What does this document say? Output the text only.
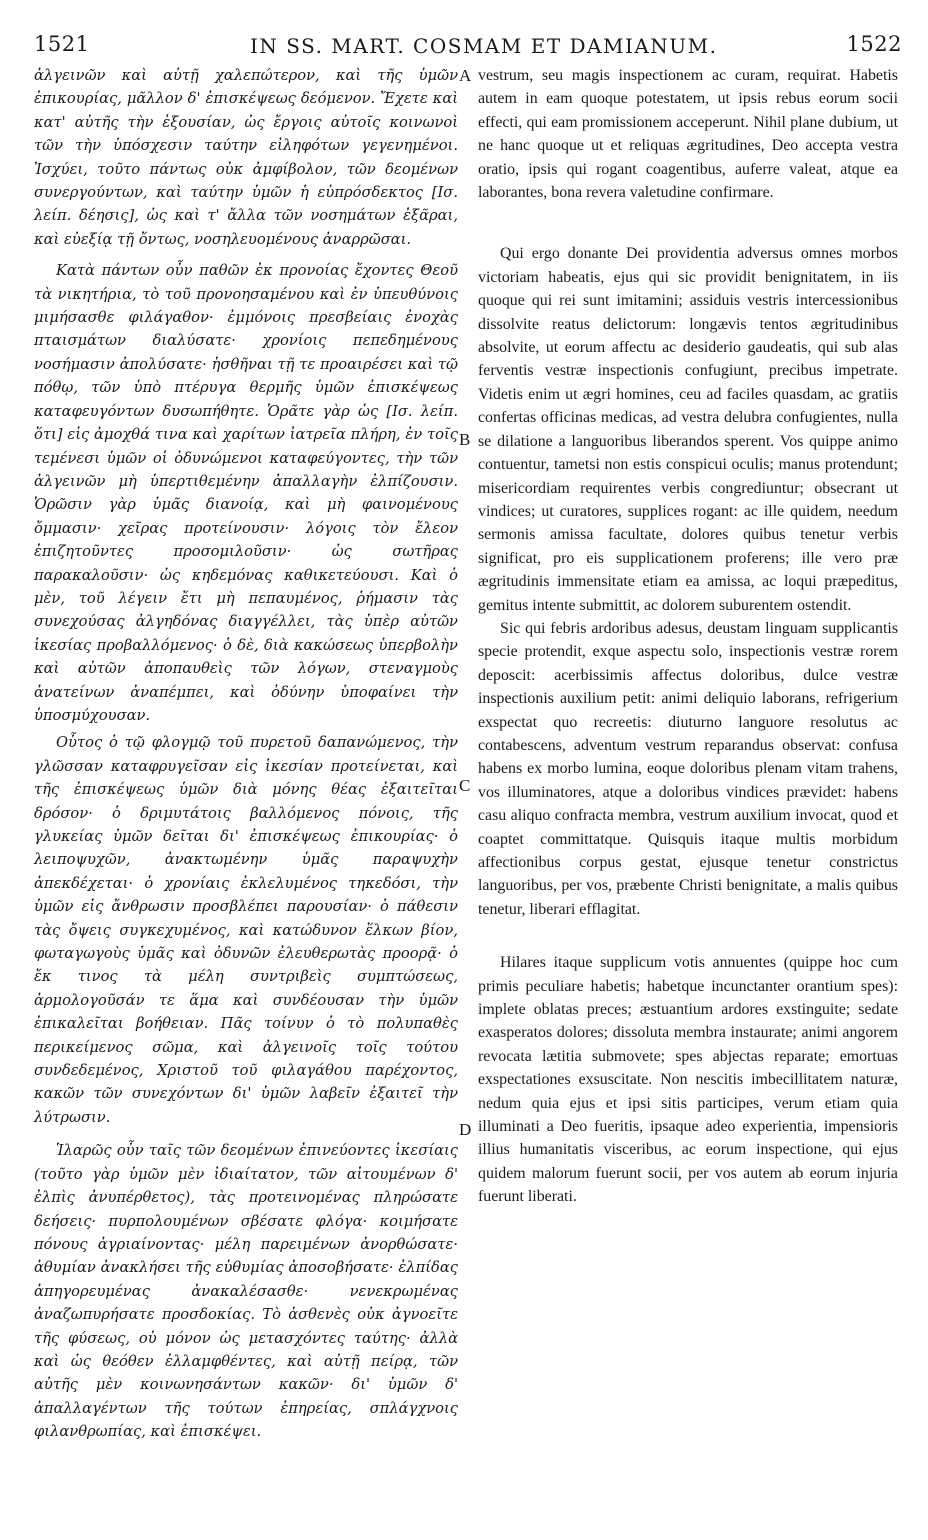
1521	IN SS. MART. COSMAM ET DAMIANUM.	1522

ἀλγεινῶν καὶ αὐτῇ χαλεπώτερον, καὶ τῆς ὑμῶν ἐπικουρίας, μᾶλλον δ' ἐπισκέψεως δεόμενον. Ἔχετε καὶ κατ' αὐτῆς τὴν ἐξουσίαν, ὡς ἔργοις αὐτοῖς κοινωνοὶ τῶν τὴν ὑπόσχεσιν ταύτην εἰληφότων γεγενημένοι. Ἰσχύει, τοῦτο πάντως οὐκ ἀμφίβολον, τῶν δεομένων συνεργούντων, καὶ ταύτην ὑμῶν ἡ εὐπρόσδεκτος [Ισ. λείπ. δέησις], ὡς καὶ τ' ἄλλα τῶν νοσημάτων ἐξᾶραι, καὶ εὐεξίᾳ τῇ ὄντως, νοσηλευομένους ἀναρρῶσαι.

Κατὰ πάντων οὖν παθῶν ἐκ προνοίας ἔχοντες Θεοῦ τὰ νικητήρια, τὸ τοῦ προνοησαμένου καὶ ἐν ὑπευθύνοις μιμήσασθε φιλάγαθον· ἐμμόνοις πρεσβείαις ἐνοχὰς πταισμάτων διαλύσατε· χρονίοις πεπεδημένους νοσήμασιν ἀπολύσατε· ἡσθῆναι τῇ τε προαιρέσει καὶ τῷ πόθῳ, τῶν ὑπὸ πτέρυγα θερμῆς ὑμῶν ἐπισκέψεως καταφευγόντων δυσωπήθητε. Ὁρᾶτε γὰρ ὡς [Ισ. λείπ. ὅτι] εἰς ἀμοχθά τινα καὶ χαρίτων ἰατρεῖα πλήρη, ἐν τοῖς τεμένεσι ὑμῶν οἱ ὀδυνώμενοι καταφεύγοντες, τὴν τῶν ἀλγεινῶν μὴ ὑπερτιθεμένην ἀπαλλαγὴν ἐλπίζουσιν. Ὁρῶσιν γὰρ ὑμᾶς διανοίᾳ, καὶ μὴ φαινομένους ὄμμασιν· χεῖρας προτείνουσιν· λόγοις τὸν ἔλεον ἐπιζητοῦντες προσομιλοῦσιν· ὡς σωτῆρας παρακαλοῦσιν· ὡς κηδεμόνας καθικετεύουσι. Καὶ ὁ μὲν, τοῦ λέγειν ἔτι μὴ πεπαυμένος, ῥήμασιν τὰς συνεχούσας ἀλγηδόνας διαγγέλλει, τὰς ὑπὲρ αὐτῶν ἱκεσίας προβαλλόμενος· ὁ δὲ, διὰ κακώσεως ὑπερβολὴν καὶ αὐτῶν ἀποπαυθεὶς τῶν λόγων, στεναγμοὺς ἀνατείνων ἀναπέμπει, καὶ ὀδύνην ὑποφαίνει τὴν ὑποσμύχουσαν.

Οὗτος ὁ τῷ φλογμῷ τοῦ πυρετοῦ δαπανώμενος, τὴν γλῶσσαν καταφρυγεῖσαν εἰς ἱκεσίαν προτείνεται, καὶ τῆς ἐπισκέψεως ὑμῶν διὰ μόνης θέας ἐξαιτεῖται δρόσον· ὁ δριμυτάτοις βαλλόμενος πόνοις, τῆς γλυκείας ὑμῶν δεῖται δι' ἐπισκέψεως ἐπικουρίας· ὁ λειποψυχῶν, ἀνακτωμένην ὑμᾶς παραψυχὴν ἀπεκδέχεται· ὁ χρονίαις ἐκλελυμένος τηκεδόσι, τὴν ὑμῶν εἰς ἄνθρωσιν προσβλέπει παρουσίαν· ὁ πάθεσιν τὰς ὄψεις συγκεχυμένος, καὶ κατώδυνον ἕλκων βίον, φωταγωγοὺς ὑμᾶς καὶ ὀδυνῶν ἐλευθερωτὰς προορᾷ· ὁ ἔκ τινος τὰ μέλη συντριβεὶς συμπτώσεως, ἁρμολογοῦσάν τε ἅμα καὶ συνδέουσαν τὴν ὑμῶν ἐπικαλεῖται βοήθειαν. Πᾶς τοίνυν ὁ τὸ πολυπαθὲς περικείμενος σῶμα, καὶ ἀλγεινοῖς τοῖς τούτου συνδεδεμένος, Χριστοῦ τοῦ φιλαγάθου παρέχοντος, κακῶν τῶν συνεχόντων δι' ὑμῶν λαβεῖν ἐξαιτεῖ τὴν λύτρωσιν.

Ἱλαρῶς οὖν ταῖς τῶν δεομένων ἐπινεύοντες ἱκεσίαις (τοῦτο γὰρ ὑμῶν μὲν ἰδιαίτατον, τῶν αἰτουμένων δ' ἐλπὶς ἀνυπέρθετος), τὰς προτεινομένας πληρώσατε δεήσεις· πυρπολουμένων σβέσατε φλόγα· κοιμήσατε πόνους ἀγριαίνοντας· μέλη παρειμένων ἀνορθώσατε· ἀθυμίαν ἀνακλήσει τῆς εὐθυμίας ἀποσοβήσατε· ἐλπίδας ἀπηγορευμένας ἀνακαλέσασθε· νενεκρωμένας ἀναζωπυρήσατε προσδοκίας. Τὸ ἀσθενὲς οὐκ ἀγνοεῖτε τῆς φύσεως, οὐ μόνον ὡς μετασχόντες ταύτης· ἀλλὰ καὶ ὡς θεόθεν ἐλλαμφθέντες, καὶ αὐτῇ πείρᾳ, τῶν αὐτῆς μὲν κοινωνησάντων κακῶν· δι' ὑμῶν δ' ἀπαλλαγέντων τῆς τούτων ἐπηρείας, σπλάγχνοις φιλανθρωπίας, καὶ ἐπισκέψει.

A
B
C
D

vestrum, seu magis inspectionem ac curam, requirat. Habetis autem in eam quoque potestatem, ut ipsis rebus eorum socii effecti, qui eam promissionem acceperunt. Nihil plane dubium, ut ne hanc quoque ut et reliquas ægritudines, Deo accepta vestra oratio, ipsis qui rogant coagentibus, auferre valeat, atque ea laborantes, bona revera valetudine confirmare.

Qui ergo donante Dei providentia adversus omnes morbos victoriam habeatis, ejus qui sic providit benignitatem, in iis quoque qui rei sunt imitamini; assiduis vestris intercessionibus dissolvite reatus delictorum: longævis tentos ægritudinibus absolvite, ut eorum affectu ac desiderio gaudeatis, qui sub alas ferventis vestræ inspectionis confugiunt, precibus impetrate. Videtis enim ut ægri homines, ceu ad faciles quasdam, ac gratiis confertas officinas medicas, ad vestra delubra confugientes, nulla se dilatione a languoribus liberandos sperent. Vos quippe animo contuentur, tametsi non estis conspicui oculis; manus protendunt; misericordiam requirentes verbis congrediuntur; obsecrant ut vindices; ut curatores, supplices rogant: ac ille quidem, needum sermonis amissa facultate, dolores quibus tenetur verbis significat, pro eis supplicationem proferens; ille vero præ ægritudinis immensitate etiam ea amissa, ac loqui præpeditus, gemitus intente submittit, ac dolorem suburentem ostendit.

Sic qui febris ardoribus adesus, deustam linguam supplicantis specie protendit, exque aspectu solo, inspectionis vestræ rorem deposcit: acerbissimis affectus doloribus, dulce vestræ inspectionis auxilium petit: animi deliquio laborans, refrigerium exspectat quo recreetis: diuturno languore resolutus ac contabescens, adventum vestrum reparandus observat: confusa habens ex morbo lumina, eoque doloribus plenam vitam trahens, vos illuminatores, atque a doloribus vindices prævidet: habens casu aliquo confracta membra, vestrum auxilium invocat, quod et coaptet committatque. Quisquis itaque multis morbidum affectionibus corpus gestat, ejusque tenetur constrictus languoribus, per vos, præbente Christi benignitate, a malis quibus tenetur, liberari efflagitat.

Hilares itaque supplicum votis annuentes (quippe hoc cum primis peculiare habetis; habetque incunctanter orantium spes): implete oblatas preces; æstuantium ardores exstinguite; sedate exasperatos dolores; dissoluta membra instaurate; animi angorem revocata lætitia submovete; spes abjectas reparate; emortuas exspectationes exsuscitate. Non nescitis imbecillitatem naturæ, nedum quia ejus et ipsi sitis participes, verum etiam quia illuminati a Deo fueritis, ipsaque adeo experientia, impensioris illius humanitatis visceribus, ac eorum inspectione, qui ejus quidem malorum fuerunt socii, per vos autem ab eorum injuria fuerunt liberati.
